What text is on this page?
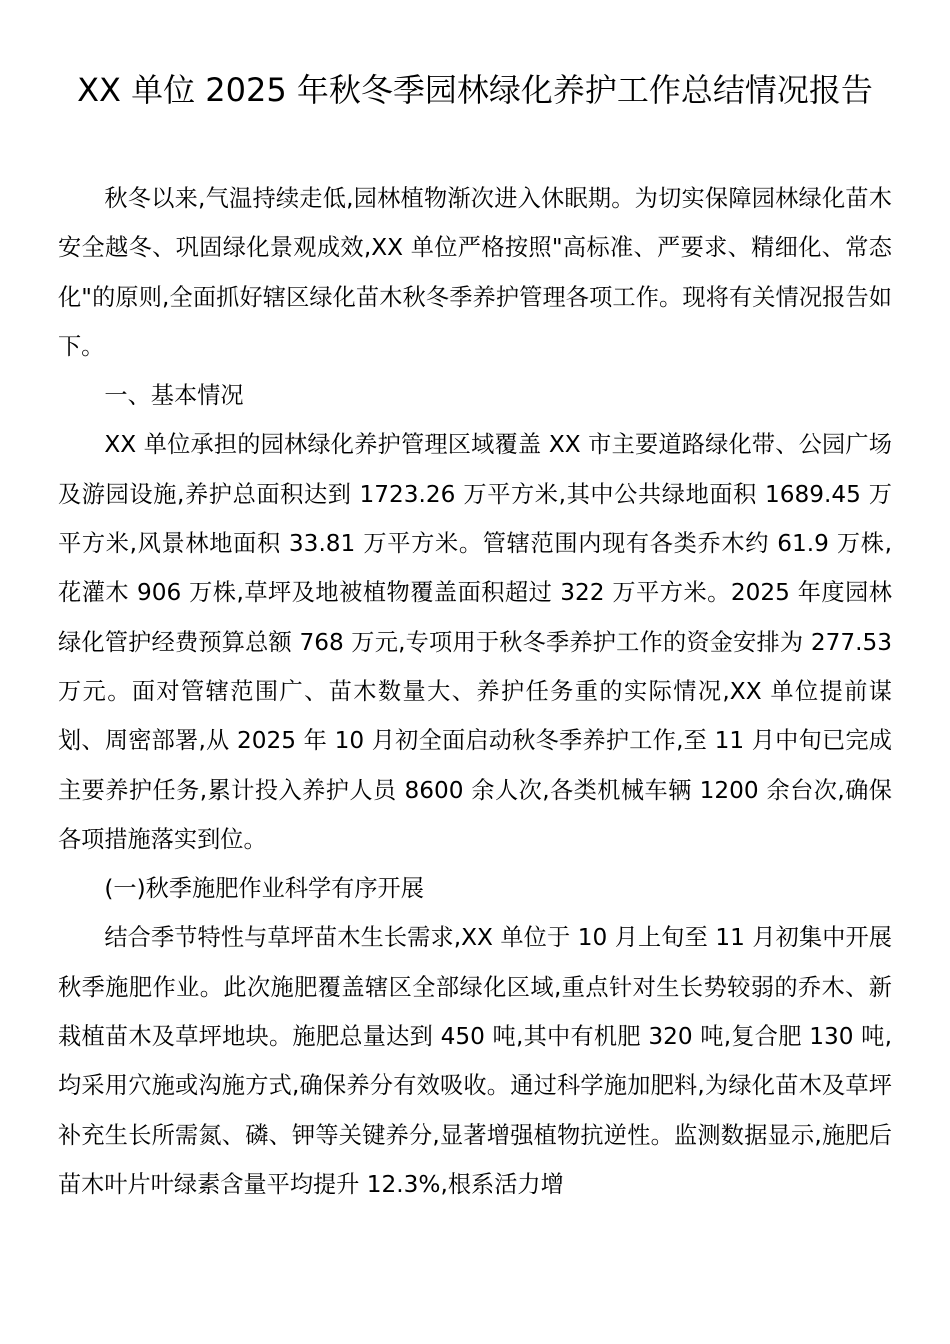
XX 单位 2025 年秋冬季园林绿化养护工作总结情况报告

秋冬以来,气温持续走低,园林植物渐次进入休眠期。为切实保障园林绿化苗木安全越冬、巩固绿化景观成效,XX 单位严格按照"高标准、严要求、精细化、常态化"的原则,全面抓好辖区绿化苗木秋冬季养护管理各项工作。现将有关情况报告如下。

一、基本情况

XX 单位承担的园林绿化养护管理区域覆盖 XX 市主要道路绿化带、公园广场及游园设施,养护总面积达到 1723.26 万平方米,其中公共绿地面积 1689.45 万平方米,风景林地面积 33.81 万平方米。管辖范围内现有各类乔木约 61.9 万株,花灌木 906 万株,草坪及地被植物覆盖面积超过 322 万平方米。2025 年度园林绿化管护经费预算总额 768 万元,专项用于秋冬季养护工作的资金安排为 277.53 万元。面对管辖范围广、苗木数量大、养护任务重的实际情况,XX 单位提前谋划、周密部署,从 2025 年 10 月初全面启动秋冬季养护工作,至 11 月中旬已完成主要养护任务,累计投入养护人员 8600 余人次,各类机械车辆 1200 余台次,确保各项措施落实到位。

(一)秋季施肥作业科学有序开展

结合季节特性与草坪苗木生长需求,XX 单位于 10 月上旬至 11 月初集中开展秋季施肥作业。此次施肥覆盖辖区全部绿化区域,重点针对生长势较弱的乔木、新栽植苗木及草坪地块。施肥总量达到 450 吨,其中有机肥 320 吨,复合肥 130 吨,均采用穴施或沟施方式,确保养分有效吸收。通过科学施加肥料,为绿化苗木及草坪补充生长所需氮、磷、钾等关键养分,显著增强植物抗逆性。监测数据显示,施肥后苗木叶片叶绿素含量平均提升 12.3%,根系活力增
